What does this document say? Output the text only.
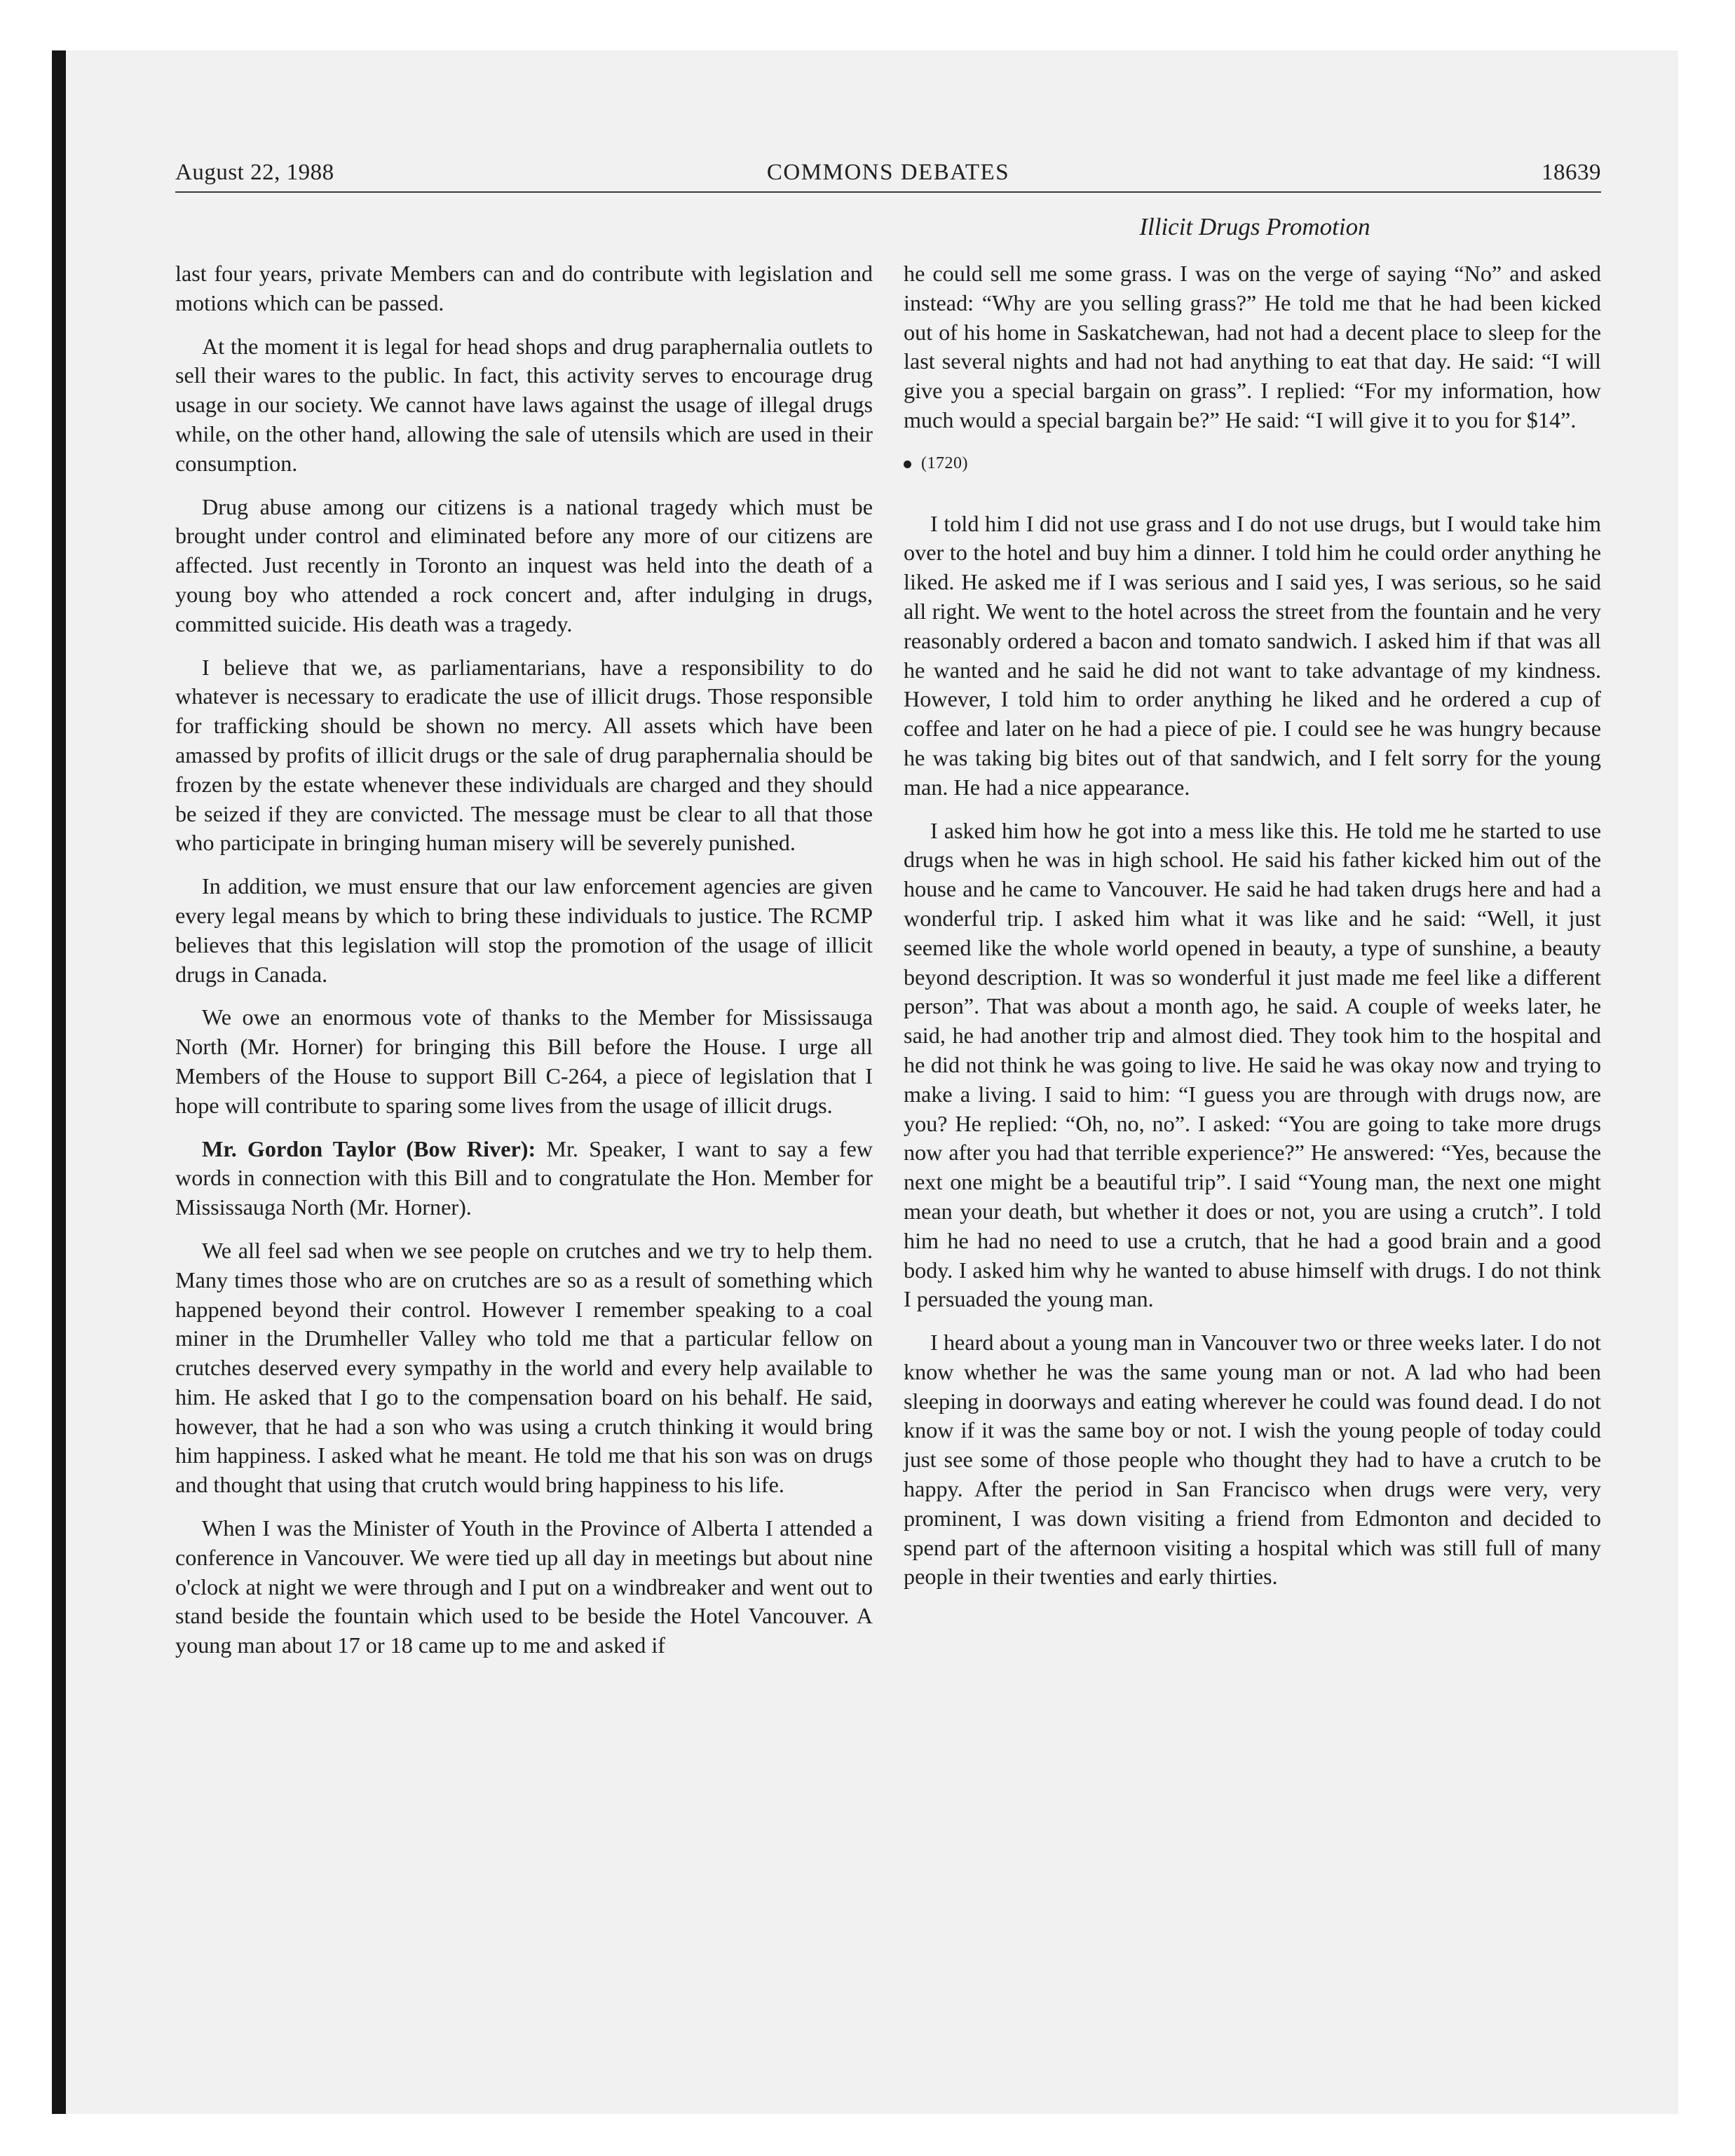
COMMONS DEBATES
August 22, 1988	18639
Illicit Drugs Promotion

last four years, private Members can and do contribute with legislation and motions which can be passed.

At the moment it is legal for head shops and drug paraphernalia outlets to sell their wares to the public. In fact, this activity serves to encourage drug usage in our society. We cannot have laws against the usage of illegal drugs while, on the other hand, allowing the sale of utensils which are used in their consumption.

Drug abuse among our citizens is a national tragedy which must be brought under control and eliminated before any more of our citizens are affected. Just recently in Toronto an inquest was held into the death of a young boy who attended a rock concert and, after indulging in drugs, committed suicide. His death was a tragedy.

I believe that we, as parliamentarians, have a responsibility to do whatever is necessary to eradicate the use of illicit drugs. Those responsible for trafficking should be shown no mercy. All assets which have been amassed by profits of illicit drugs or the sale of drug paraphernalia should be frozen by the estate whenever these individuals are charged and they should be seized if they are convicted. The message must be clear to all that those who participate in bringing human misery will be severely punished.

In addition, we must ensure that our law enforcement agencies are given every legal means by which to bring these individuals to justice. The RCMP believes that this legislation will stop the promotion of the usage of illicit drugs in Canada.

We owe an enormous vote of thanks to the Member for Mississauga North (Mr. Horner) for bringing this Bill before the House. I urge all Members of the House to support Bill C-264, a piece of legislation that I hope will contribute to sparing some lives from the usage of illicit drugs.

Mr. Gordon Taylor (Bow River): Mr. Speaker, I want to say a few words in connection with this Bill and to congratulate the Hon. Member for Mississauga North (Mr. Horner).

We all feel sad when we see people on crutches and we try to help them. Many times those who are on crutches are so as a result of something which happened beyond their control. However I remember speaking to a coal miner in the Drumheller Valley who told me that a particular fellow on crutches deserved every sympathy in the world and every help available to him. He asked that I go to the compensation board on his behalf. He said, however, that he had a son who was using a crutch thinking it would bring him happiness. I asked what he meant. He told me that his son was on drugs and thought that using that crutch would bring happiness to his life.

When I was the Minister of Youth in the Province of Alberta I attended a conference in Vancouver. We were tied up all day in meetings but about nine o'clock at night we were through and I put on a windbreaker and went out to stand beside the fountain which used to be beside the Hotel Vancouver. A young man about 17 or 18 came up to me and asked if

he could sell me some grass. I was on the verge of saying “No” and asked instead: “Why are you selling grass?” He told me that he had been kicked out of his home in Saskatchewan, had not had a decent place to sleep for the last several nights and had not had anything to eat that day. He said: “I will give you a special bargain on grass”. I replied: “For my information, how much would a special bargain be?” He said: “I will give it to you for $14”.

(1720)

I told him I did not use grass and I do not use drugs, but I would take him over to the hotel and buy him a dinner. I told him he could order anything he liked. He asked me if I was serious and I said yes, I was serious, so he said all right. We went to the hotel across the street from the fountain and he very reasonably ordered a bacon and tomato sandwich. I asked him if that was all he wanted and he said he did not want to take advantage of my kindness. However, I told him to order anything he liked and he ordered a cup of coffee and later on he had a piece of pie. I could see he was hungry because he was taking big bites out of that sandwich, and I felt sorry for the young man. He had a nice appearance.

I asked him how he got into a mess like this. He told me he started to use drugs when he was in high school. He said his father kicked him out of the house and he came to Vancouver. He said he had taken drugs here and had a wonderful trip. I asked him what it was like and he said: “Well, it just seemed like the whole world opened in beauty, a type of sunshine, a beauty beyond description. It was so wonderful it just made me feel like a different person”. That was about a month ago, he said. A couple of weeks later, he said, he had another trip and almost died. They took him to the hospital and he did not think he was going to live. He said he was okay now and trying to make a living. I said to him: “I guess you are through with drugs now, are you? He replied: “Oh, no, no”. I asked: “You are going to take more drugs now after you had that terrible experience?” He answered: “Yes, because the next one might be a beautiful trip”. I said “Young man, the next one might mean your death, but whether it does or not, you are using a crutch”. I told him he had no need to use a crutch, that he had a good brain and a good body. I asked him why he wanted to abuse himself with drugs. I do not think I persuaded the young man.

I heard about a young man in Vancouver two or three weeks later. I do not know whether he was the same young man or not. A lad who had been sleeping in doorways and eating wherever he could was found dead. I do not know if it was the same boy or not. I wish the young people of today could just see some of those people who thought they had to have a crutch to be happy. After the period in San Francisco when drugs were very, very prominent, I was down visiting a friend from Edmonton and decided to spend part of the afternoon visiting a hospital which was still full of many people in their twenties and early thirties.
